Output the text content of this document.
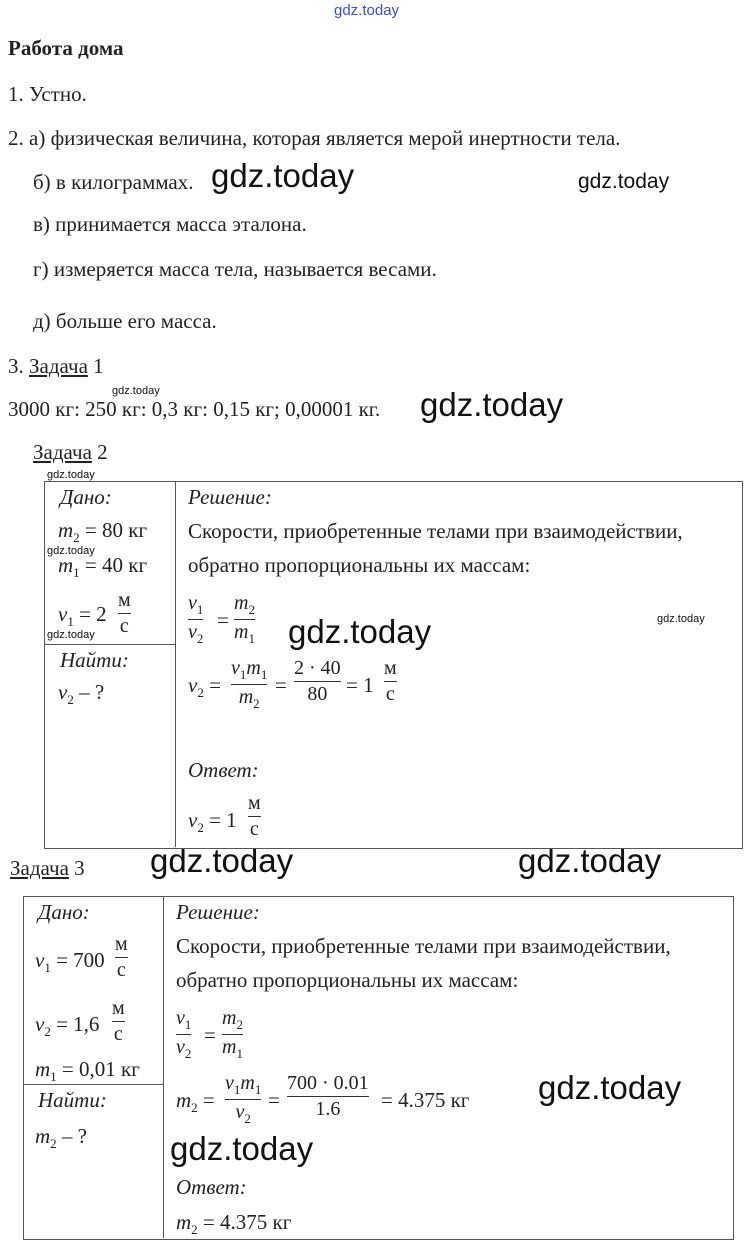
gdz.today
gdz.today	gdz.today
gdz.today
gdz.today
gdz.today
gdz.today
gdz.today
gdz.today
gdz.today
gdz.today	gdz.today
gdz.today
gdz.today
Работа дома
1. Устно.
2. а) физическая величина, которая является мерой инертности тела.
б) в килограммах.
в) принимается масса эталона.
г) измеряется масса тела, называется весами.
д) больше его масса.
3. Задача 1
3000 кг: 250 кг: 0,3 кг: 0,15 кг; 0,00001 кг.
Задача 2
Дано:
$m_2 = 80$ кг
$m_1 = 40$ кг
$v_1 = 2$
м
с
Найти:
$v_2$ – ?
Решение:
Скорости, приобретенные телами при взаимодействии,
обратно пропорциональны их массам:
$v_1$
$v_2$
=
$m_2$
$m_1$
$v_2$ =
$v_1m_1$
$m_2$
=
2 · 40
80 = 1
м
с
Ответ:
$v_2 = 1$
м
с
Задача 3
Дано:
$v_1 = 700$
м
с
$v_2 = 1,6$
м
с
$m_1 = 0,01$ кг
Найти:
$m_2$ – ?
Решение:
Скорости, приобретенные телами при взаимодействии,
обратно пропорциональны их массам:
$v_1$
$v_2$
=
$m_2$
$m_1$
$m_2$ =
$v_1m_1$
$v_2$
=
700 · 0.01
1.6 = 4.375 кг
Ответ:
$m_2 = 4.375$ кг
